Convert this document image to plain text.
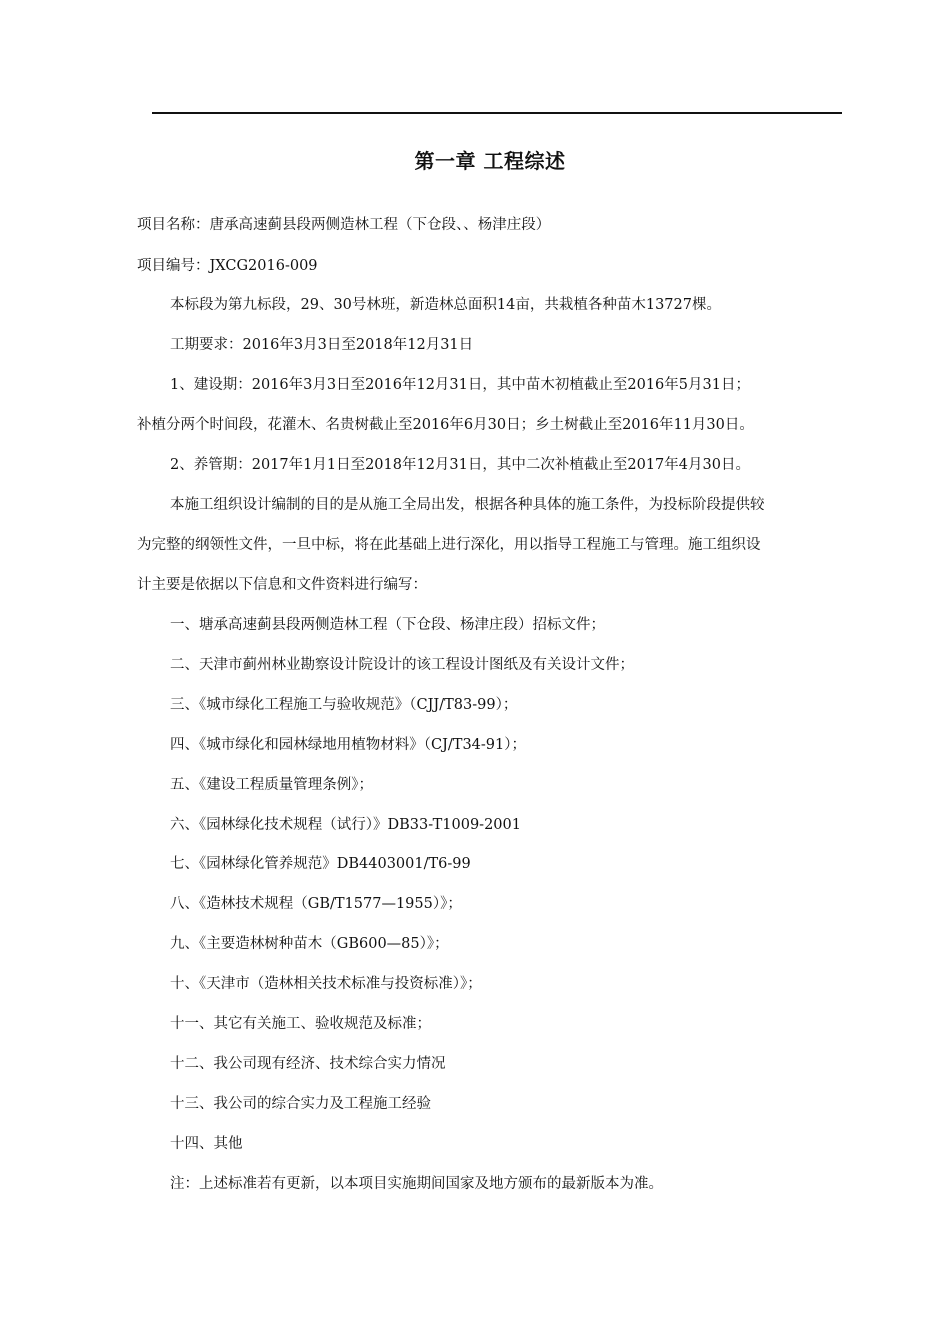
第一章 工程综述
项目名称：唐承高速蓟县段两侧造林工程（下仓段、、杨津庄段）
项目编号：JXCG2016-009
本标段为第九标段，29、30号林班，新造林总面积14亩，共栽植各种苗木13727棵。
工期要求：2016年3月3日至2018年12月31日
1、建设期：2016年3月3日至2016年12月31日，其中苗木初植截止至2016年5月31日；
补植分两个时间段，花灌木、名贵树截止至2016年6月30日；乡土树截止至2016年11月30日。
2、养管期：2017年1月1日至2018年12月31日，其中二次补植截止至2017年4月30日。
本施工组织设计编制的目的是从施工全局出发，根据各种具体的施工条件，为投标阶段提供较
为完整的纲领性文件，一旦中标，将在此基础上进行深化，用以指导工程施工与管理。施工组织设
计主要是依据以下信息和文件资料进行编写：
一、塘承高速蓟县段两侧造林工程（下仓段、杨津庄段）招标文件；
二、天津市蓟州林业勘察设计院设计的该工程设计图纸及有关设计文件；
三、《城市绿化工程施工与验收规范》（CJJ/T83-99）；
四、《城市绿化和园林绿地用植物材料》（CJ/T34-91）；
五、《建设工程质量管理条例》；
六、《园林绿化技术规程（试行）》DB33-T1009-2001
七、《园林绿化管养规范》DB4403001/T6-99
八、《造林技术规程（GB/T1577—1955）》；
九、《主要造林树种苗木（GB600—85）》；
十、《天津市（造林相关技术标准与投资标准）》；
十一、其它有关施工、验收规范及标准；
十二、我公司现有经济、技术综合实力情况
十三、我公司的综合实力及工程施工经验
十四、其他
注：上述标准若有更新，以本项目实施期间国家及地方颁布的最新版本为准。
